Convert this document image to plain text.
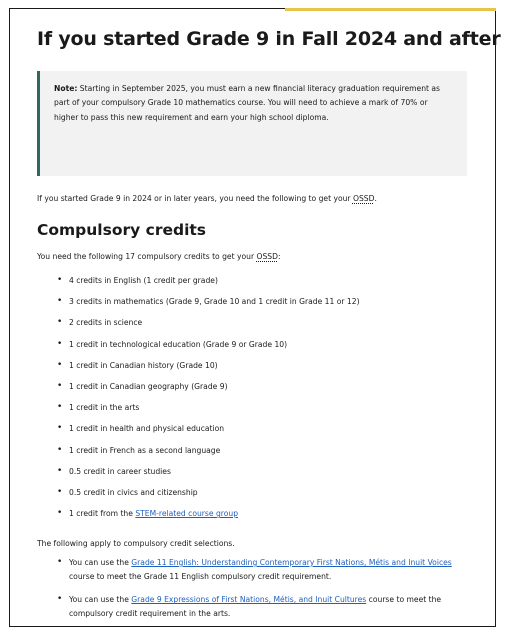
If you started Grade 9 in Fall 2024 and after
Note: Starting in September 2025, you must earn a new financial literacy graduation requirement as part of your compulsory Grade 10 mathematics course. You will need to achieve a mark of 70% or higher to pass this new requirement and earn your high school diploma.
If you started Grade 9 in 2024 or in later years, you need the following to get your OSSD.
Compulsory credits
You need the following 17 compulsory credits to get your OSSD:
• 4 credits in English (1 credit per grade)
• 3 credits in mathematics (Grade 9, Grade 10 and 1 credit in Grade 11 or 12)
• 2 credits in science
• 1 credit in technological education (Grade 9 or Grade 10)
• 1 credit in Canadian history (Grade 10)
• 1 credit in Canadian geography (Grade 9)
• 1 credit in the arts
• 1 credit in health and physical education
• 1 credit in French as a second language
• 0.5 credit in career studies
• 0.5 credit in civics and citizenship
• 1 credit from the STEM-related course group
The following apply to compulsory credit selections.
• You can use the Grade 11 English: Understanding Contemporary First Nations, Métis and Inuit Voices course to meet the Grade 11 English compulsory credit requirement.
• You can use the Grade 9 Expressions of First Nations, Métis, and Inuit Cultures course to meet the compulsory credit requirement in the arts.
